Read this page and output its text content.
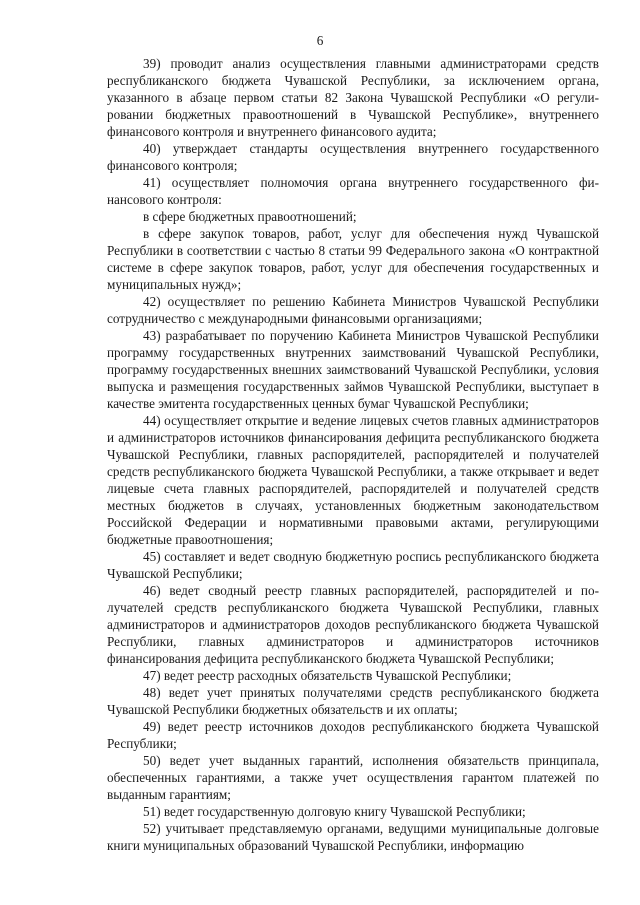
6

39) проводит анализ осуществления главными администраторами средств республиканского бюджета Чувашской Республики, за исключением органа, указанного в абзаце первом статьи 82 Закона Чувашской Республики «О регулировании бюджетных правоотношений в Чувашской Республике», внутреннего финансового контроля и внутреннего финансового аудита;

40) утверждает стандарты осуществления внутреннего государственного финансового контроля;

41) осуществляет полномочия органа внутреннего государственного финансового контроля:

в сфере бюджетных правоотношений;

в сфере закупок товаров, работ, услуг для обеспечения нужд Чувашской Республики в соответствии с частью 8 статьи 99 Федерального закона «О контрактной системе в сфере закупок товаров, работ, услуг для обеспечения государственных и муниципальных нужд»;

42) осуществляет по решению Кабинета Министров Чувашской Республики сотрудничество с международными финансовыми организациями;

43) разрабатывает по поручению Кабинета Министров Чувашской Республики программу государственных внутренних заимствований Чувашской Республики, программу государственных внешних заимствований Чувашской Республики, условия выпуска и размещения государственных займов Чувашской Республики, выступает в качестве эмитента государственных ценных бумаг Чувашской Республики;

44) осуществляет открытие и ведение лицевых счетов главных администраторов и администраторов источников финансирования дефицита республиканского бюджета Чувашской Республики, главных распорядителей, распорядителей и получателей средств республиканского бюджета Чувашской Республики, а также открывает и ведет лицевые счета главных распорядителей, распорядителей и получателей средств местных бюджетов в случаях, установленных бюджетным законодательством Российской Федерации и нормативными правовыми актами, регулирующими бюджетные правоотношения;

45) составляет и ведет сводную бюджетную роспись республиканского бюджета Чувашской Республики;

46) ведет сводный реестр главных распорядителей, распорядителей и получателей средств республиканского бюджета Чувашской Республики, главных администраторов и администраторов доходов республиканского бюджета Чувашской Республики, главных администраторов и администраторов источников финансирования дефицита республиканского бюджета Чувашской Республики;

47) ведет реестр расходных обязательств Чувашской Республики;

48) ведет учет принятых получателями средств республиканского бюджета Чувашской Республики бюджетных обязательств и их оплаты;

49) ведет реестр источников доходов республиканского бюджета Чувашской Республики;

50) ведет учет выданных гарантий, исполнения обязательств принципала, обеспеченных гарантиями, а также учет осуществления гарантом платежей по выданным гарантиям;

51) ведет государственную долговую книгу Чувашской Республики;

52) учитывает представляемую органами, ведущими муниципальные долговые книги муниципальных образований Чувашской Республики, информацию
